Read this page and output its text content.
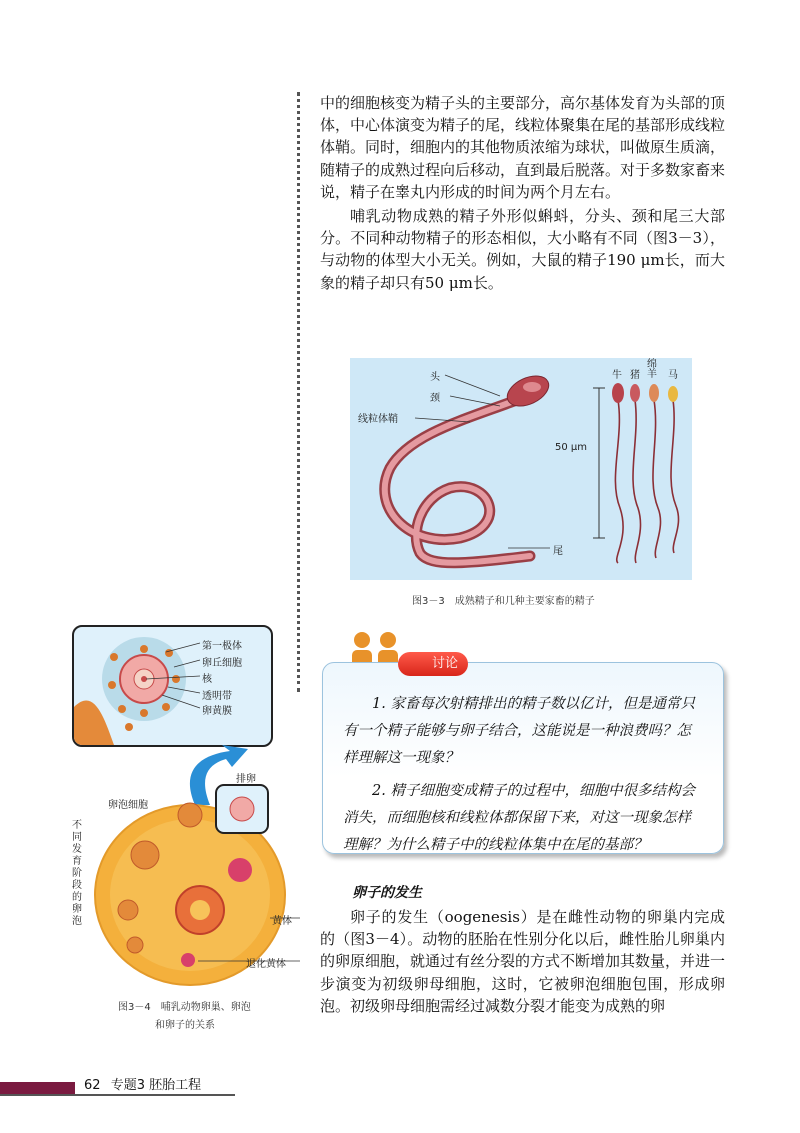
中的细胞核变为精子头的主要部分，高尔基体发育为头部的顶体，中心体演变为精子的尾，线粒体聚集在尾的基部形成线粒体鞘。同时，细胞内的其他物质浓缩为球状，叫做原生质滴，随精子的成熟过程向后移动，直到最后脱落。对于多数家畜来说，精子在睾丸内形成的时间为两个月左右。

哺乳动物成熟的精子外形似蝌蚪，分头、颈和尾三大部分。不同种动物精子的形态相似，大小略有不同（图3－3），与动物的体型大小无关。例如，大鼠的精子190 μm长，而大象的精子却只有50 μm长。

头
颈
线粒体鞘
尾
50 μm
牛 猪
绵羊	马
图3－3　成熟精子和几种主要家畜的精子

1. 家畜每次射精排出的精子数以亿计，但是通常只有一个精子能够与卵子结合，这能说是一种浪费吗？怎样理解这一现象？

2. 精子细胞变成精子的过程中，细胞中很多结构会消失，而细胞核和线粒体都保留下来，对这一现象怎样理解？为什么精子中的线粒体集中在尾的基部？

讨论
第一极体
卵丘细胞
核
透明带
卵黄膜
排卵
卵泡细胞
不同发育阶段的卵泡	黄体
退化黄体
图3－4　哺乳动物卵巢、卵泡
和卵子的关系
卵子的发生
卵子的发生（oogenesis）是在雌性动物的卵巢内完成的（图3－4）。动物的胚胎在性别分化以后，雌性胎儿卵巢内的卵原细胞，就通过有丝分裂的方式不断增加其数量，并进一步演变为初级卵母细胞，这时，它被卵泡细胞包围，形成卵泡。初级卵母细胞需经过减数分裂才能变为成熟的卵
62 专题3 胚胎工程
